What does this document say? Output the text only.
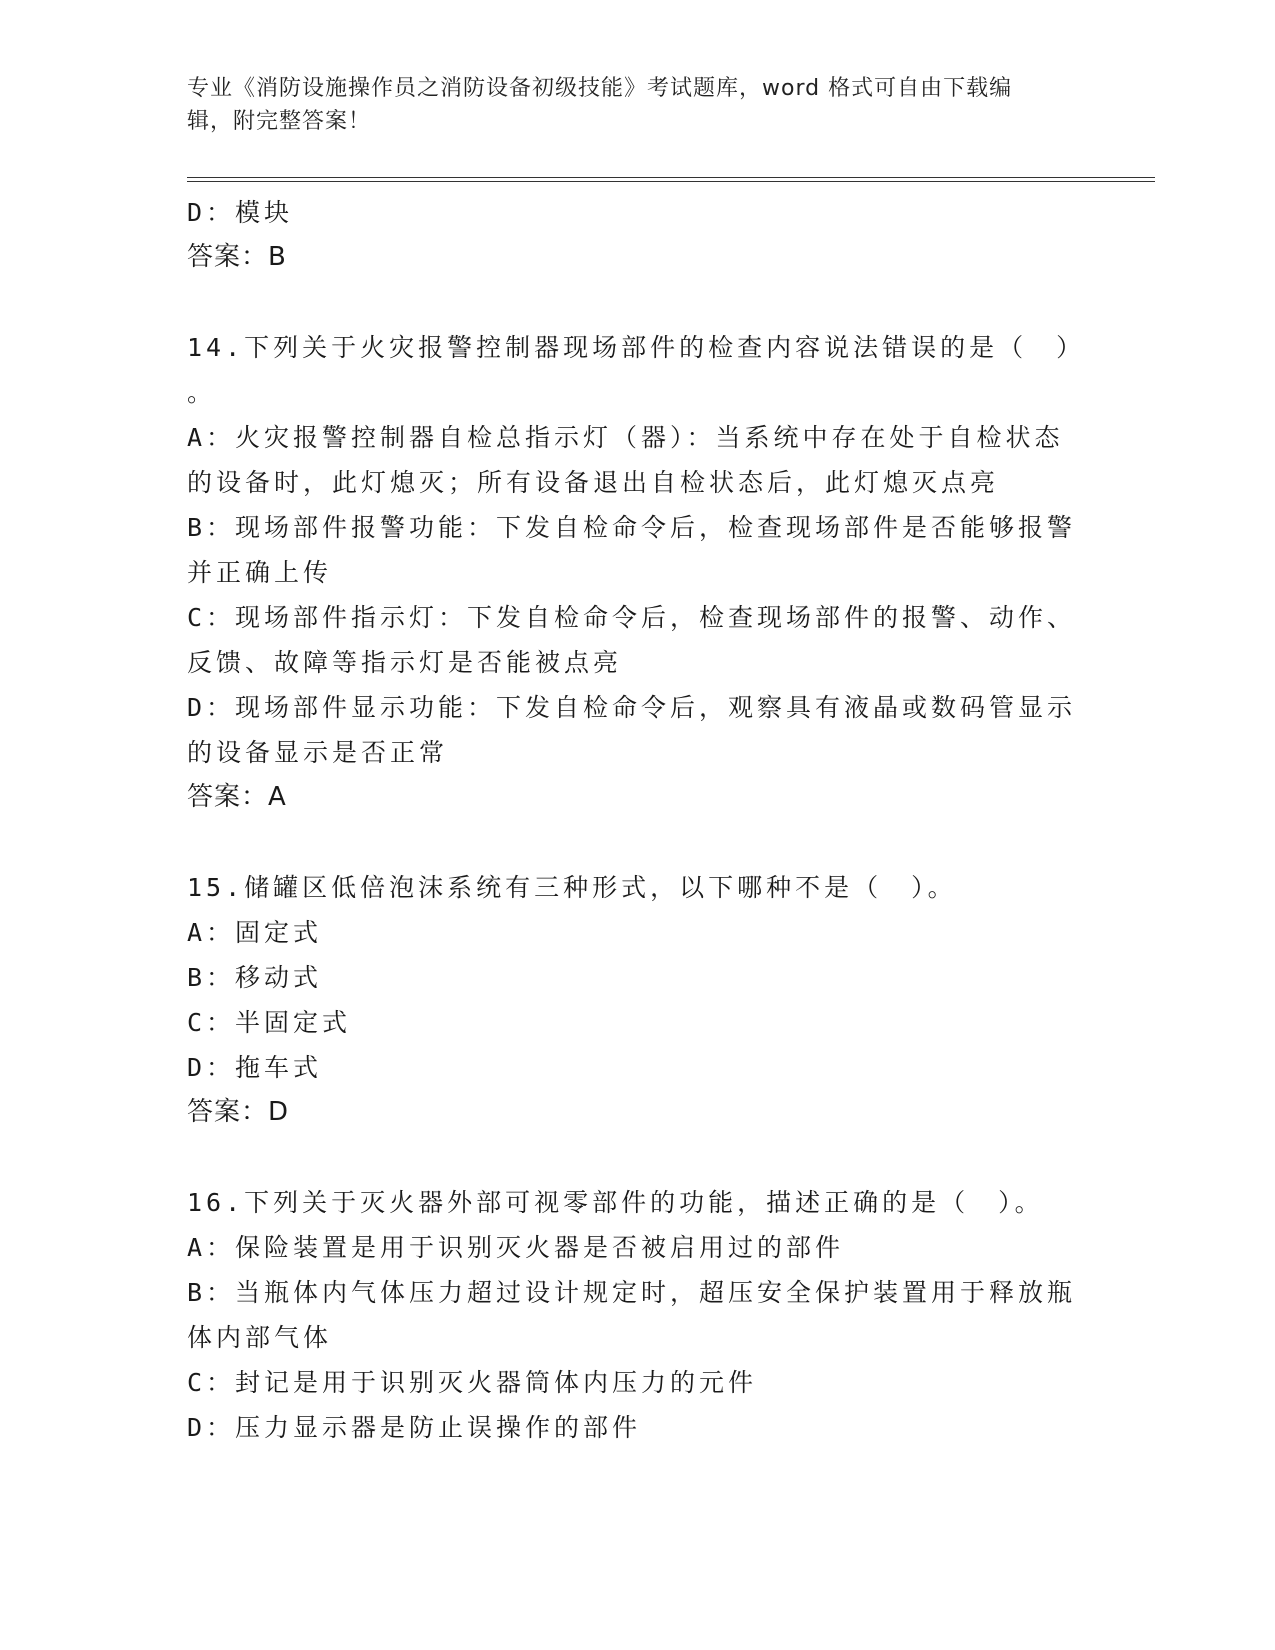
专业《消防设施操作员之消防设备初级技能》考试题库，word 格式可自由下载编
辑，附完整答案！
D：模块
答案：B
14.下列关于火灾报警控制器现场部件的检查内容说法错误的是（　）
。
A：火灾报警控制器自检总指示灯（器）：当系统中存在处于自检状态
的设备时，此灯熄灭；所有设备退出自检状态后，此灯熄灭点亮
B：现场部件报警功能：下发自检命令后，检查现场部件是否能够报警
并正确上传
C：现场部件指示灯：下发自检命令后，检查现场部件的报警、动作、
反馈、故障等指示灯是否能被点亮
D：现场部件显示功能：下发自检命令后，观察具有液晶或数码管显示
的设备显示是否正常
答案：A
15.储罐区低倍泡沫系统有三种形式，以下哪种不是（　）。
A：固定式
B：移动式
C：半固定式
D：拖车式
答案：D
16.下列关于灭火器外部可视零部件的功能，描述正确的是（　）。
A：保险装置是用于识别灭火器是否被启用过的部件
B：当瓶体内气体压力超过设计规定时，超压安全保护装置用于释放瓶
体内部气体
C：封记是用于识别灭火器筒体内压力的元件
D：压力显示器是防止误操作的部件
